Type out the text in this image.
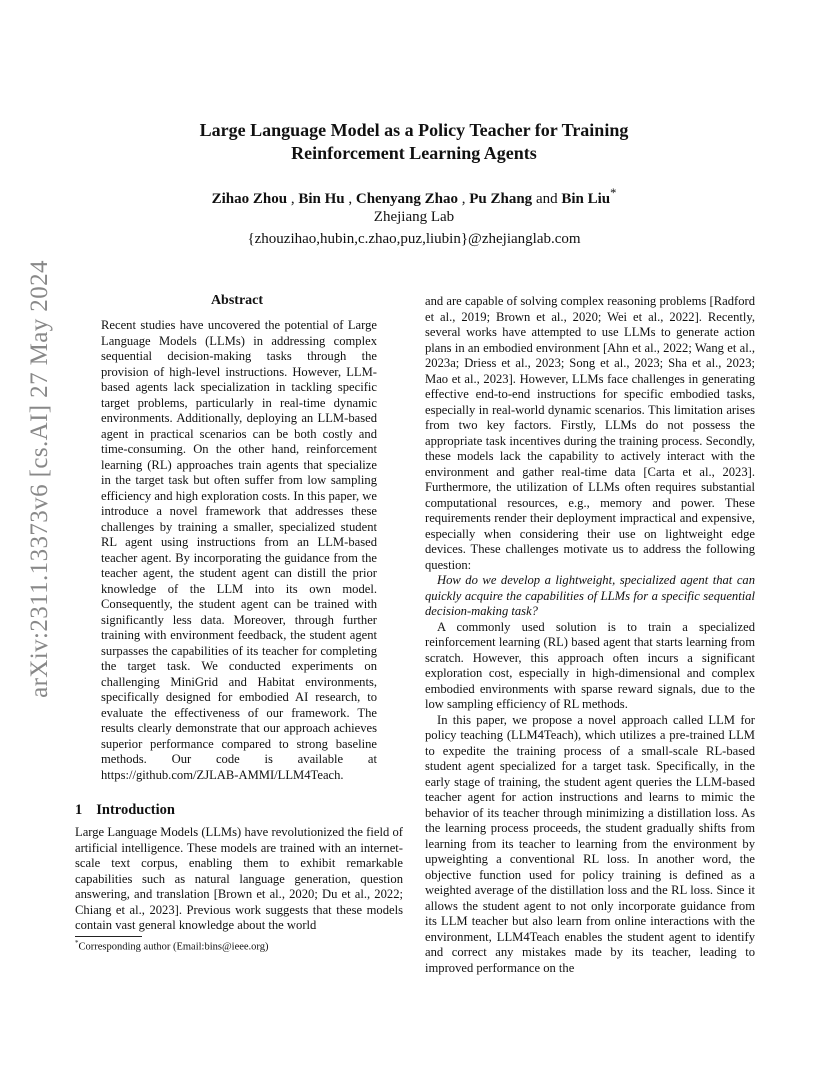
arXiv:2311.13373v6 [cs.AI] 27 May 2024
Large Language Model as a Policy Teacher for Training
Reinforcement Learning Agents
Zihao Zhou , Bin Hu , Chenyang Zhao , Pu Zhang and Bin Liu*
Zhejiang Lab
{zhouzihao,hubin,c.zhao,puz,liubin}@zhejianglab.com
Abstract
Recent studies have uncovered the potential of Large Language Models (LLMs) in addressing complex sequential decision-making tasks through the provision of high-level instructions. However, LLM-based agents lack specialization in tackling specific target problems, particularly in real-time dynamic environments. Additionally, deploying an LLM-based agent in practical scenarios can be both costly and time-consuming. On the other hand, reinforcement learning (RL) approaches train agents that specialize in the target task but often suffer from low sampling efficiency and high exploration costs. In this paper, we introduce a novel framework that addresses these challenges by training a smaller, specialized student RL agent using instructions from an LLM-based teacher agent. By incorporating the guidance from the teacher agent, the student agent can distill the prior knowledge of the LLM into its own model. Consequently, the student agent can be trained with significantly less data. Moreover, through further training with environment feedback, the student agent surpasses the capabilities of its teacher for completing the target task. We conducted experiments on challenging MiniGrid and Habitat environments, specifically designed for embodied AI research, to evaluate the effectiveness of our framework. The results clearly demonstrate that our approach achieves superior performance compared to strong baseline methods. Our code is available at https://github.com/ZJLAB-AMMI/LLM4Teach.
1 Introduction
Large Language Models (LLMs) have revolutionized the field of artificial intelligence. These models are trained with an internet-scale text corpus, enabling them to exhibit remarkable capabilities such as natural language generation, question answering, and translation [Brown et al., 2020; Du et al., 2022; Chiang et al., 2023]. Previous work suggests that these models contain vast general knowledge about the world
*Corresponding author (Email:bins@ieee.org)

and are capable of solving complex reasoning problems [Radford et al., 2019; Brown et al., 2020; Wei et al., 2022]. Recently, several works have attempted to use LLMs to generate action plans in an embodied environment [Ahn et al., 2022; Wang et al., 2023a; Driess et al., 2023; Song et al., 2023; Sha et al., 2023; Mao et al., 2023]. However, LLMs face challenges in generating effective end-to-end instructions for specific embodied tasks, especially in real-world dynamic scenarios. This limitation arises from two key factors. Firstly, LLMs do not possess the appropriate task incentives during the training process. Secondly, these models lack the capability to actively interact with the environment and gather real-time data [Carta et al., 2023]. Furthermore, the utilization of LLMs often requires substantial computational resources, e.g., memory and power. These requirements render their deployment impractical and expensive, especially when considering their use on lightweight edge devices. These challenges motivate us to address the following question:

How do we develop a lightweight, specialized agent that can quickly acquire the capabilities of LLMs for a specific sequential decision-making task?

A commonly used solution is to train a specialized reinforcement learning (RL) based agent that starts learning from scratch. However, this approach often incurs a significant exploration cost, especially in high-dimensional and complex embodied environments with sparse reward signals, due to the low sampling efficiency of RL methods.

In this paper, we propose a novel approach called LLM for policy teaching (LLM4Teach), which utilizes a pre-trained LLM to expedite the training process of a small-scale RL-based student agent specialized for a target task. Specifically, in the early stage of training, the student agent queries the LLM-based teacher agent for action instructions and learns to mimic the behavior of its teacher through minimizing a distillation loss. As the learning process proceeds, the student gradually shifts from learning from its teacher to learning from the environment by upweighting a conventional RL loss. In another word, the objective function used for policy training is defined as a weighted average of the distillation loss and the RL loss. Since it allows the student agent to not only incorporate guidance from its LLM teacher but also learn from online interactions with the environment, LLM4Teach enables the student agent to identify and correct any mistakes made by its teacher, leading to improved performance on the
